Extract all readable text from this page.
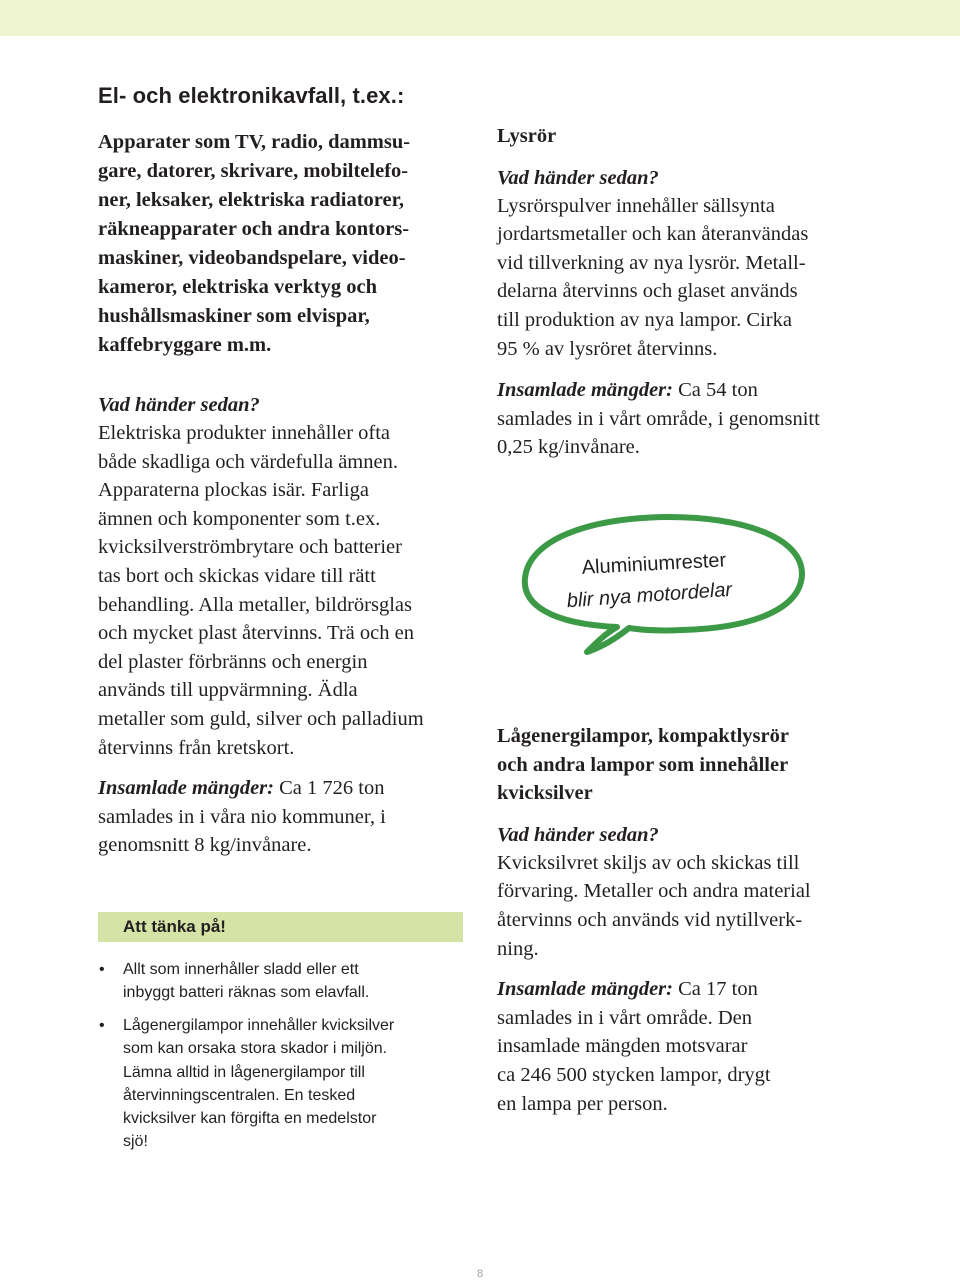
El- och elektronikavfall, t.ex.:

Apparater som TV, radio, dammsu-
gare, datorer, skrivare, mobiltelefo-
ner, leksaker, elektriska radiatorer,
räkneapparater och andra kontors-
maskiner, videobandspelare, video-
kameror, elektriska verktyg och
hushållsmaskiner som elvispar,
kaffebryggare m.m.

Vad händer sedan?

Elektriska produkter innehåller ofta
både skadliga och värdefulla ämnen.
Apparaterna plockas isär. Farliga
ämnen och komponenter som t.ex.
kvicksilverströmbrytare och batterier
tas bort och skickas vidare till rätt
behandling. Alla metaller, bildrörsglas
och mycket plast återvinns. Trä och en
del plaster förbränns och energin
används till uppvärmning. Ädla
metaller som guld, silver och palladium
återvinns från kretskort.

Insamlade mängder: Ca 1 726 ton
samlades in i våra nio kommuner, i
genomsnitt 8 kg/invånare.

Att tänka på!
• Allt som innerhåller sladd eller ett
inbyggt batteri räknas som elavfall.
• Lågenergilampor innehåller kvicksilver
som kan orsaka stora skador i miljön.
Lämna alltid in lågenergilampor till
återvinningscentralen. En tesked
kvicksilver kan förgifta en medelstor
sjö!

Lysrör

Vad händer sedan?

Lysrörspulver innehåller sällsynta
jordartsmetaller och kan återanvändas
vid tillverkning av nya lysrör. Metall-
delarna återvinns och glaset används
till produktion av nya lampor. Cirka
95 % av lysröret återvinns.

Insamlade mängder: Ca 54 ton
samlades in i vårt område, i genomsnitt
0,25 kg/invånare.

Aluminiumrester
blir nya motordelar

Lågenergilampor, kompaktlysrör
och andra lampor som innehåller
kvicksilver

Vad händer sedan?

Kvicksilvret skiljs av och skickas till
förvaring. Metaller och andra material
återvinns och används vid nytillverk-
ning.

Insamlade mängder: Ca 17 ton
samlades in i vårt område. Den
insamlade mängden motsvarar
ca 246 500 stycken lampor, drygt
en lampa per person.

8
